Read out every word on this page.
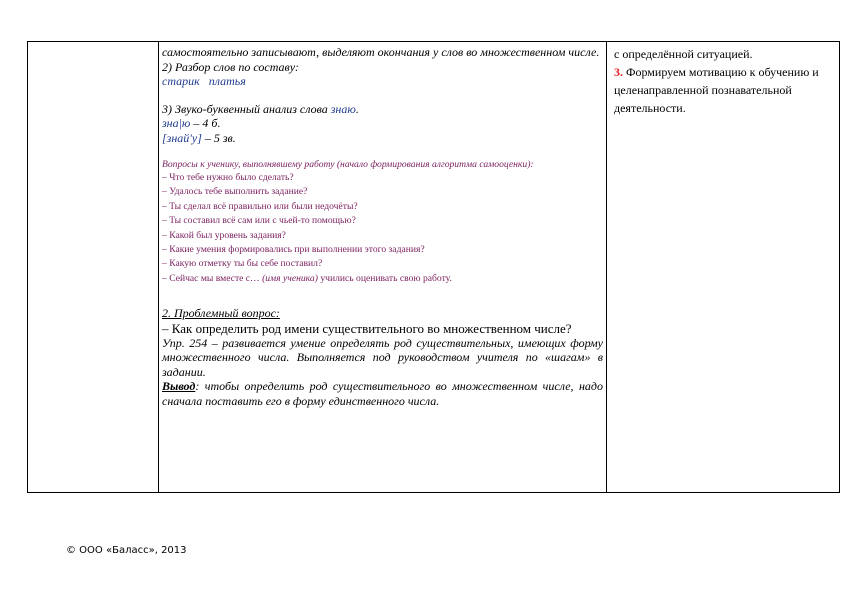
самостоятельно записывают, выделяют окончания у слов во множественном числе.

2) Разбор слов по составу:

старик   платья

3) Звуко-буквенный анализ слова знаю.

зна|ю – 4 б.

[знай'у] – 5 зв.

Вопросы к ученику, выполнявшему работу (начало формирования алгоритма самооценки):

– Что тебе нужно было сделать?

– Удалось тебе выполнить задание?

– Ты сделал всё правильно или были недочёты?

– Ты составил всё сам или с чьей-то помощью?

– Какой был уровень задания?

– Какие умения формировались при выполнении этого задания?

– Какую отметку ты бы себе поставил?

– Сейчас мы вместе с… (имя ученика) учились оценивать свою работу.

2. Проблемный вопрос:

– Как определить род имени существительного во множественном числе?

Упр. 254 – развивается умение определять род существительных, имеющих форму множественного числа. Выполняется под руководством учителя по «шагам» в задании.

Вывод: чтобы определить род существительного во множественном числе, надо сначала поставить его в форму единственного числа.

с определённой ситуацией.

3. Формируем мотивацию к обучению и целенаправленной познавательной деятельности.

© ООО «Баласс», 2013
